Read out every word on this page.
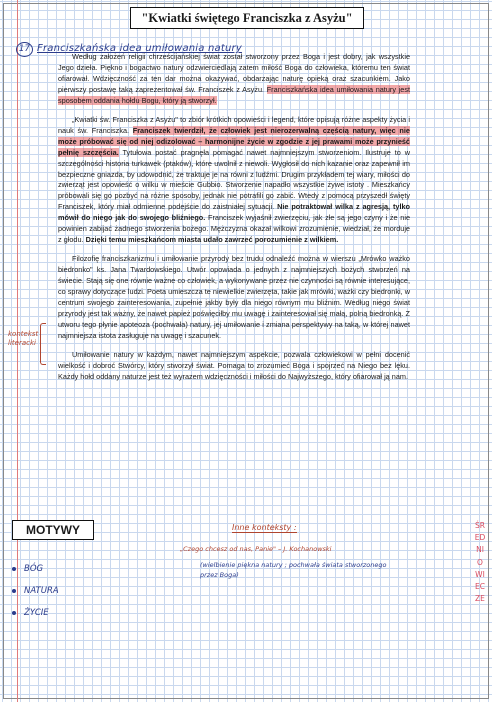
"Kwiatki świętego Franciszka z Asyżu"
17 Franciszkańska idea umiłowania natury

Według założeń religii chrześcijańskiej świat został stworzony przez Boga i jest dobry, jak wszystkie Jego dzieła. Piękno i bogactwo natury odzwierciedlają zatem miłość Boga do człowieka, któremu ten świat ofiarował. Wdzięczność za ten dar można okazywać, obdarzając naturę opieką oraz szacunkiem. Jako pierwszy postawę taką zaprezentował św. Franciszek z Asyżu. Franciszkańska idea umiłowania natury jest sposobem oddania hołdu Bogu, który ją stworzył.

„Kwiatki św. Franciszka z Asyżu" to zbiór krótkich opowieści i legend, które opisują różne aspekty życia i nauk św. Franciszka. Franciszek twierdził, że człowiek jest nierozerwalną częścią natury, więc nie może próbować się od niej odizolować – harmonijne życie w zgodzie z jej prawami może przynieść pełnię szczęścia. Tytułowa postać pragnęła pomagać nawet najmniejszym stworzeniom. Ilustruje to w szczególności historia turkawek (ptaków), które uwolnił z niewoli. Wygłosił do nich kazanie oraz zapewnił im bezpieczne gniazda, by udowodnić, że traktuje je na równi z ludźmi. Drugim przykładem tej wiary, miłości do zwierząt jest opowieść o wilku w mieście Gubbio. Stworzenie napadło wszystkie żywe istoty . Mieszkańcy próbowali się go pozbyć na różne sposoby, jednak nie potrafili go zabić. Wtedy z pomocą przyszedł święty Franciszek, który miał odmienne podejście do zaistniałej sytuacji. Nie potraktował wilka z agresją, tylko mówił do niego jak do swojego bliźniego. Franciszek wyjaśnił zwierzęciu, jak złe są jego czyny i że nie powinien zabijać żadnego stworzenia bożego. Mężczyzna okazał wilkowi zrozumienie, wiedział, że morduje z głodu. Dzięki temu mieszkańcom miasta udało zawrzeć porozumienie z wilkiem.

Filozofię franciszkanizmu i umiłowanie przyrody bez trudu odnaleźć można w wierszu „Mrówko ważko biedronko" ks. Jana Twardowskiego. Utwór opowiada o jednych z najmniejszych bożych stworzeń na świecie. Stają się one równie ważne co człowiek, a wykonywane przez nie czynności są równie interesujące, co sprawy dotyczące ludzi. Poeta umieszcza te niewielkie zwierzęta, takie jak mrówki, ważki czy biedronki, w centrum swojego zainteresowania, zupełnie jakby były dla niego równym mu bliźnim. Według niego świat przyrody jest tak ważny, że nawet papież poświęciłby mu uwagę i zainteresował się małą, polną biedronką. Z utworu tego płynie apoteoza (pochwała) natury, jej umiłowanie i zmiana perspektywy na taką, w której nawet najmniejsza istota zasługuje na uwagę i szacunek.

Umiłowanie natury w każdym, nawet najmniejszym aspekcie, pozwala człowiekowi w pełni docenić wielkość i dobroć Stwórcy, który stworzył świat. Pomaga to zrozumieć Boga i spojrzeć na Niego bez lęku. Każdy hołd oddany naturze jest też wyrazem wdzięczności i miłości do Najwyższego, który ofiarował ją nam.

kontekst literacki
MOTYWY
BÓG
NATURA
ŻYCIE
Inne konteksty :
„Czego chcesz od nas, Panie" – J. Kochanowski
(wielbienie piękna natury ; pochwała świata stworzonego przez Boga)
ŚREDNIOWIECZE
